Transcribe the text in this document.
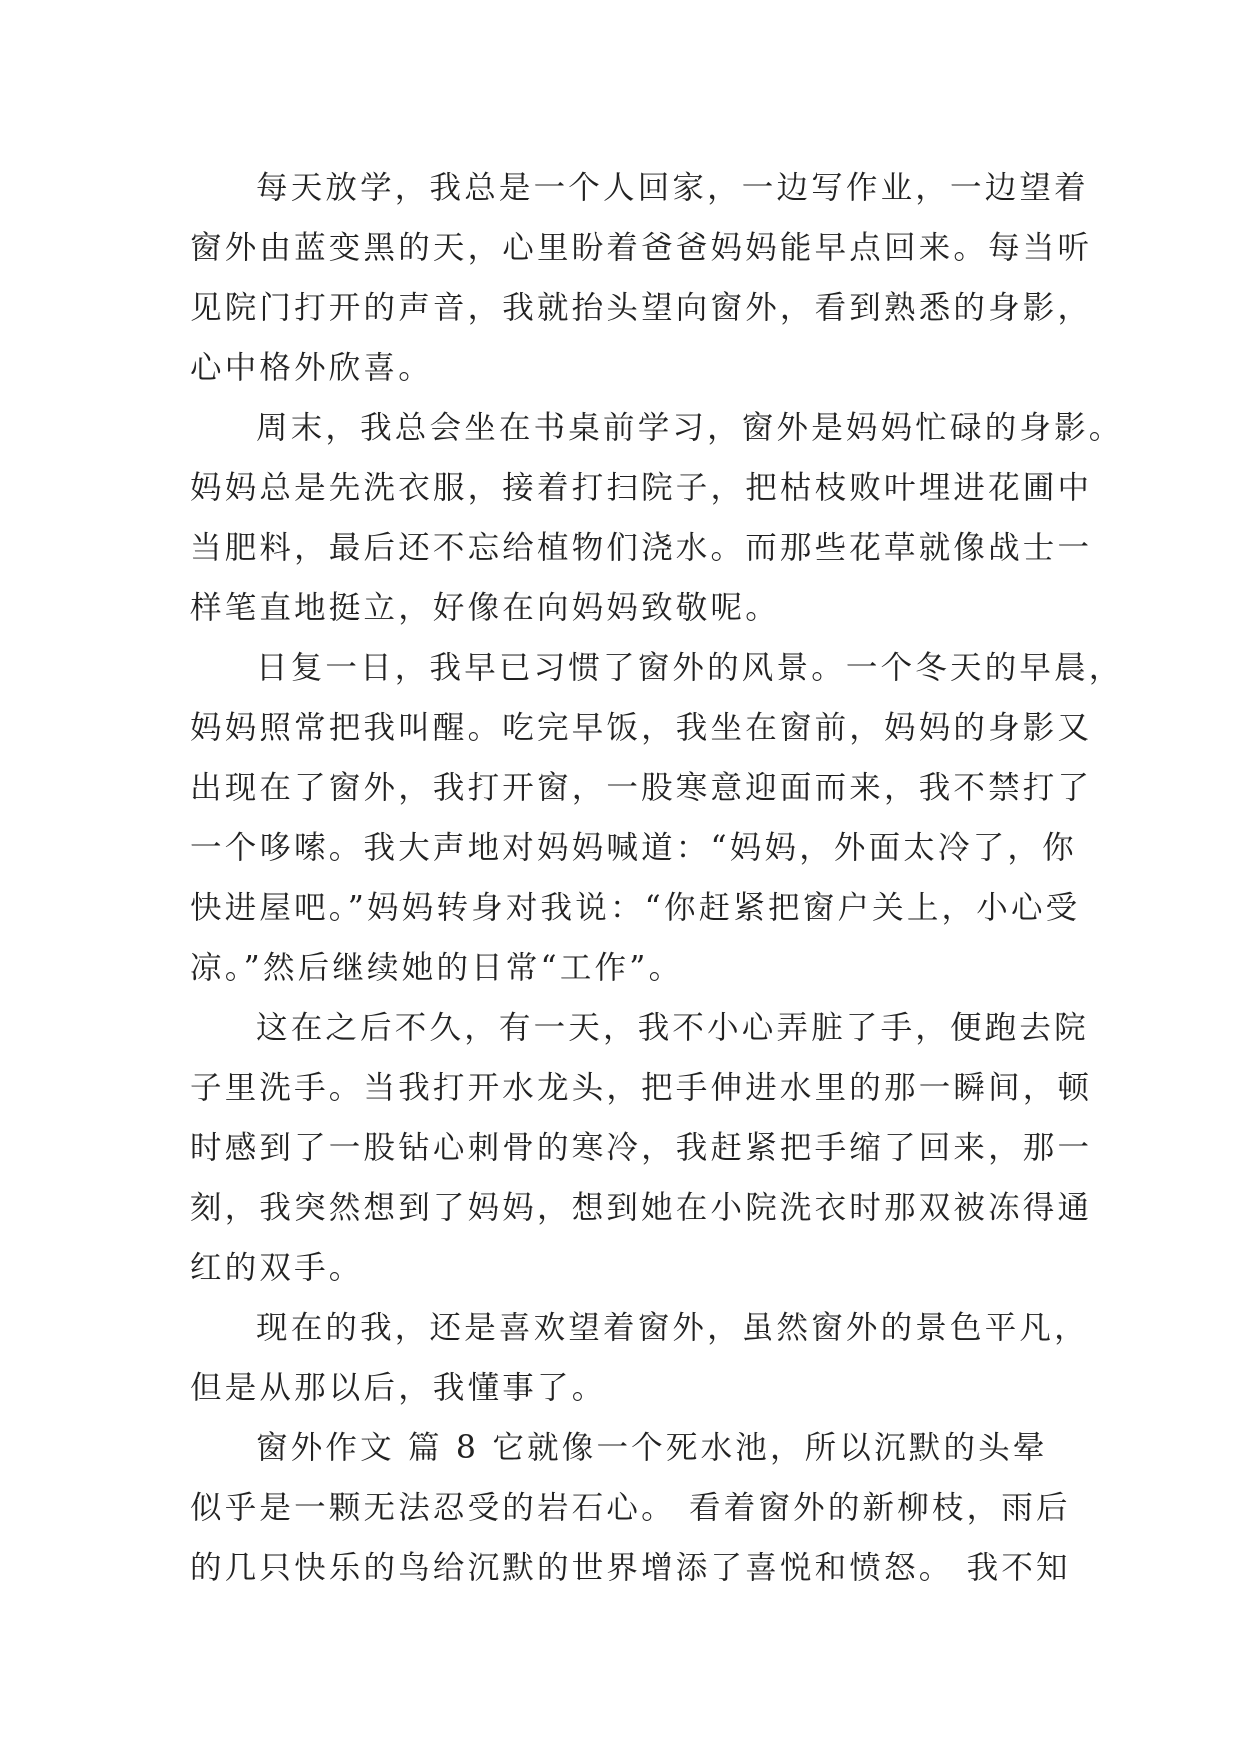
每天放学，我总是一个人回家，一边写作业，一边望着
窗外由蓝变黑的天，心里盼着爸爸妈妈能早点回来。每当听
见院门打开的声音，我就抬头望向窗外，看到熟悉的身影，
心中格外欣喜。
周末，我总会坐在书桌前学习，窗外是妈妈忙碌的身影。
妈妈总是先洗衣服，接着打扫院子，把枯枝败叶埋进花圃中
当肥料，最后还不忘给植物们浇水。而那些花草就像战士一
样笔直地挺立，好像在向妈妈致敬呢。
日复一日，我早已习惯了窗外的风景。一个冬天的早晨，
妈妈照常把我叫醒。吃完早饭，我坐在窗前，妈妈的身影又
出现在了窗外，我打开窗，一股寒意迎面而来，我不禁打了
一个哆嗦。我大声地对妈妈喊道：“妈妈，外面太冷了，你
快进屋吧。”妈妈转身对我说：“你赶紧把窗户关上，小心受
凉。”然后继续她的日常“工作”。
这在之后不久，有一天，我不小心弄脏了手，便跑去院
子里洗手。当我打开水龙头，把手伸进水里的那一瞬间，顿
时感到了一股钻心刺骨的寒冷，我赶紧把手缩了回来，那一
刻，我突然想到了妈妈，想到她在小院洗衣时那双被冻得通
红的双手。
现在的我，还是喜欢望着窗外，虽然窗外的景色平凡，
但是从那以后，我懂事了。
窗外作文 篇 8 它就像一个死水池，所以沉默的头晕
似乎是一颗无法忍受的岩石心。 看着窗外的新柳枝，雨后
的几只快乐的鸟给沉默的世界增添了喜悦和愤怒。 我不知
